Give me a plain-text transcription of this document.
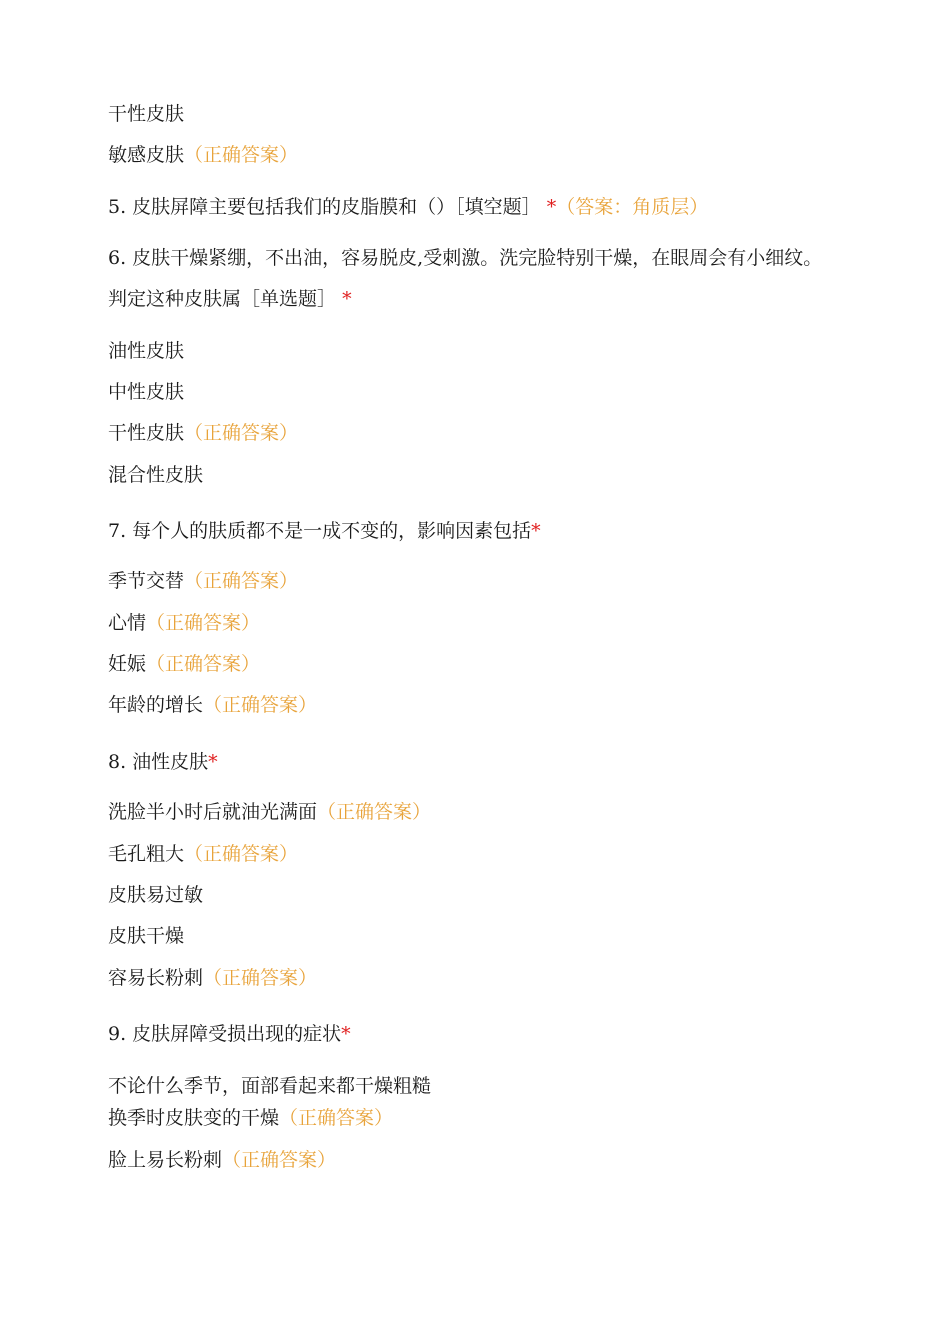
干性皮肤
敏感皮肤（正确答案）
5. 皮肤屏障主要包括我们的皮脂膜和（）［填空题］ *（答案：角质层）
6. 皮肤干燥紧绷，不出油，容易脱皮,受刺激。洗完脸特别干燥，在眼周会有小细纹。判定这种皮肤属［单选题］ *
油性皮肤
中性皮肤
干性皮肤（正确答案）
混合性皮肤
7. 每个人的肤质都不是一成不变的，影响因素包括*
季节交替（正确答案）
心情（正确答案）
妊娠（正确答案）
年龄的增长（正确答案）
8. 油性皮肤*
洗脸半小时后就油光满面（正确答案）
毛孔粗大（正确答案）
皮肤易过敏
皮肤干燥
容易长粉刺（正确答案）
9. 皮肤屏障受损出现的症状*
不论什么季节，面部看起来都干燥粗糙
换季时皮肤变的干燥（正确答案）
脸上易长粉刺（正确答案）
